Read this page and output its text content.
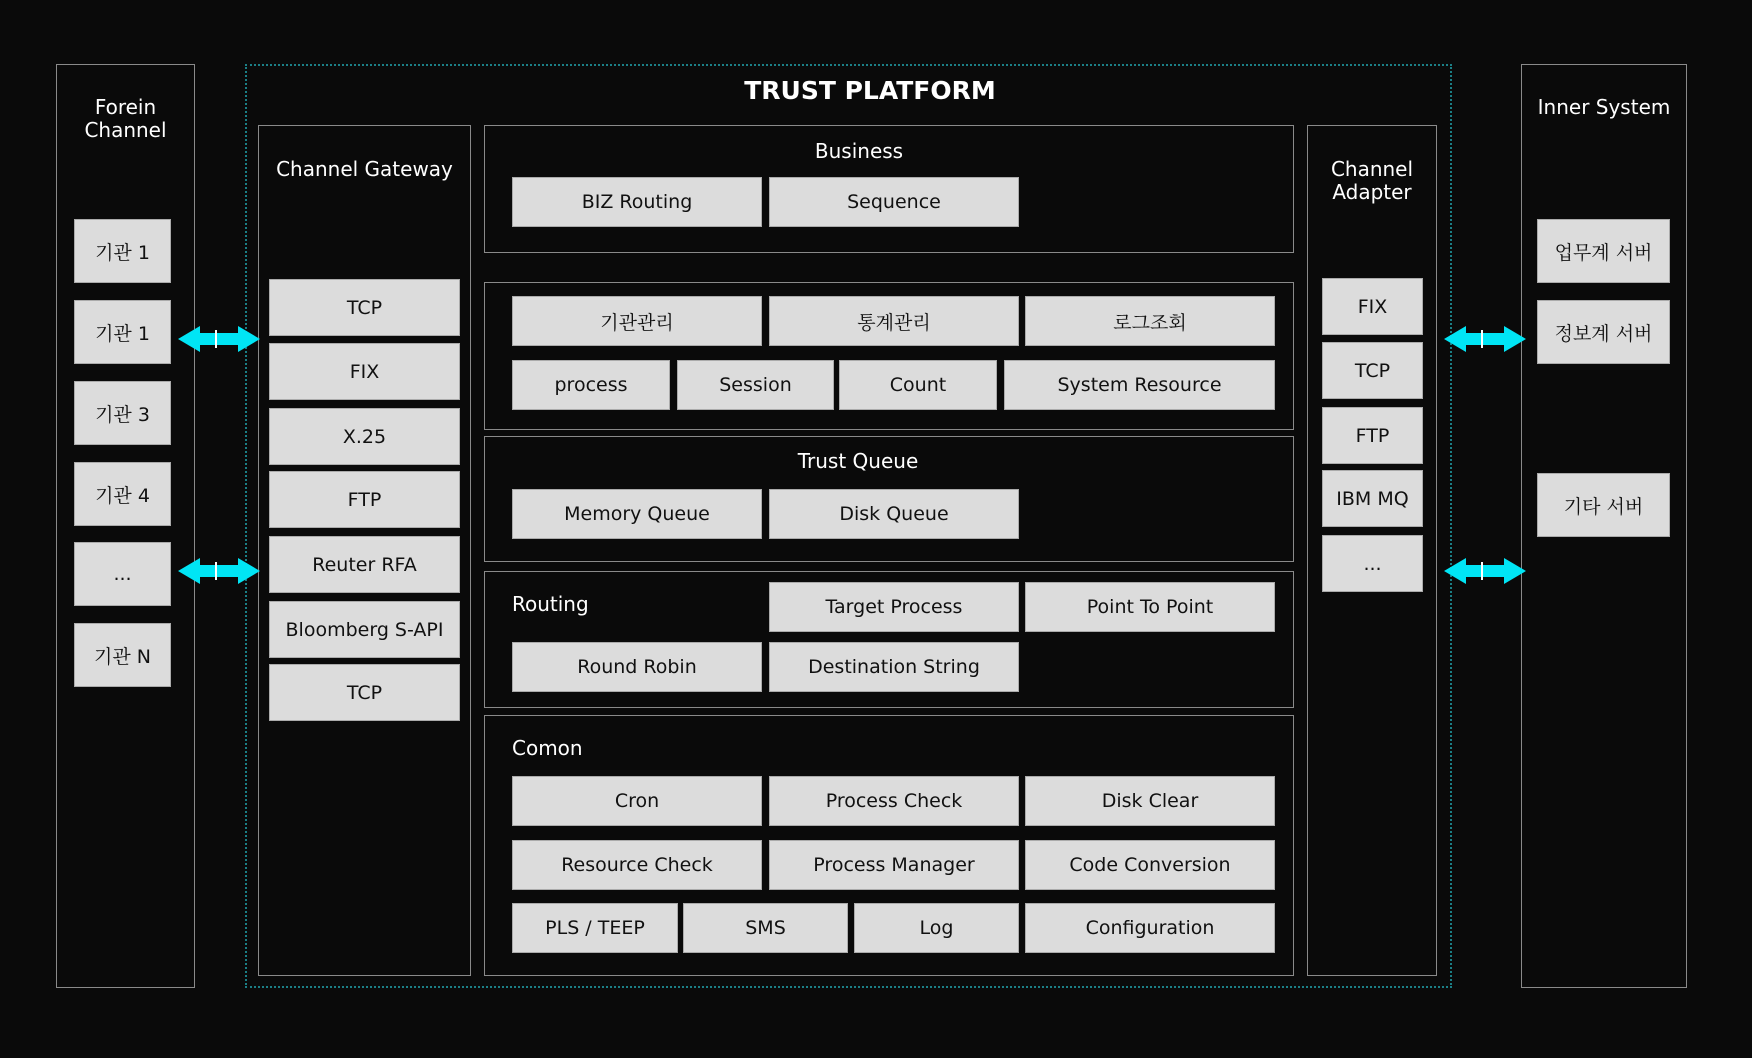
Forein
Channel
기관 1
기관 1
기관 3
기관 4
...
기관 N
TRUST PLATFORM
Channel Gateway
TCP
FIX
X.25
FTP
Reuter RFA
Bloomberg S-API
TCP
Business
BIZ Routing	Sequence
기관관리	통계관리	로그조회
process	Session	Count	System Resource
Trust Queue
Memory Queue	Disk Queue
Routing	Target Process	Point To Point
Round Robin	Destination String
Comon
Cron	Process Check	Disk Clear
Resource Check	Process Manager	Code Conversion
PLS / TEEP	SMS	Log	Configuration
Channel
Adapter
FIX
TCP
FTP
IBM MQ
...
Inner System
업무계 서버
정보계 서버
기타 서버
